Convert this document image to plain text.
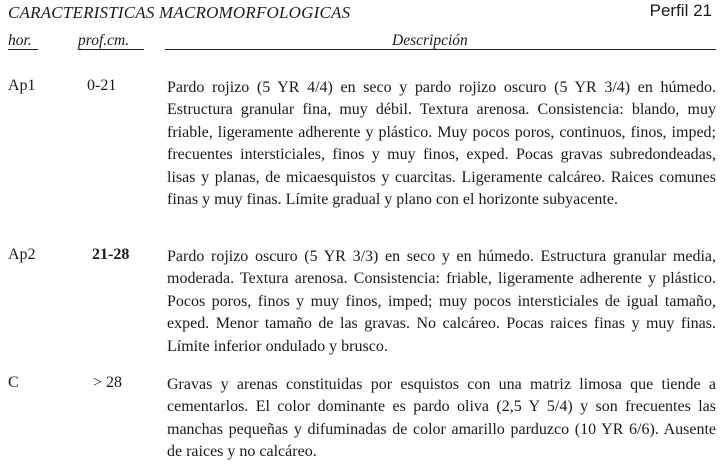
CARACTERISTICAS MACROMORFOLOGICAS	Perfil 21
hor.	prof.cm.	Descripción
Ap1	0-21	Pardo rojizo (5 YR 4/4) en seco y pardo rojizo oscuro (5 YR 3/4) en húmedo. Estructura granular fina, muy débil. Textura arenosa. Consistencia: blando, muy friable, ligeramente adherente y plástico. Muy pocos poros, continuos, finos, imped; frecuentes intersticiales, finos y muy finos, exped. Pocas gravas subredondeadas, lisas y planas, de micaesquistos y cuarcitas. Ligeramente calcáreo. Raices comunes finas y muy finas. Límite gradual y plano con el horizonte subyacente.
Ap2	21-28 Pardo rojizo oscuro (5 YR 3/3) en seco y en húmedo. Estructura granular media, moderada. Textura arenosa. Consistencia: friable, ligeramente adherente y plástico. Pocos poros, finos y muy finos, imped; muy pocos intersticiales de igual tamaño, exped. Menor tamaño de las gravas. No calcáreo. Pocas raices finas y muy finas. Límite inferior ondulado y brusco.
C	> 28	Gravas y arenas constituidas por esquistos con una matriz limosa que tiende a cementarlos. El color dominante es pardo oliva (2,5 Y 5/4) y son frecuentes las manchas pequeñas y difuminadas de color amarillo parduzco (10 YR 6/6). Ausente de raices y no calcáreo.
